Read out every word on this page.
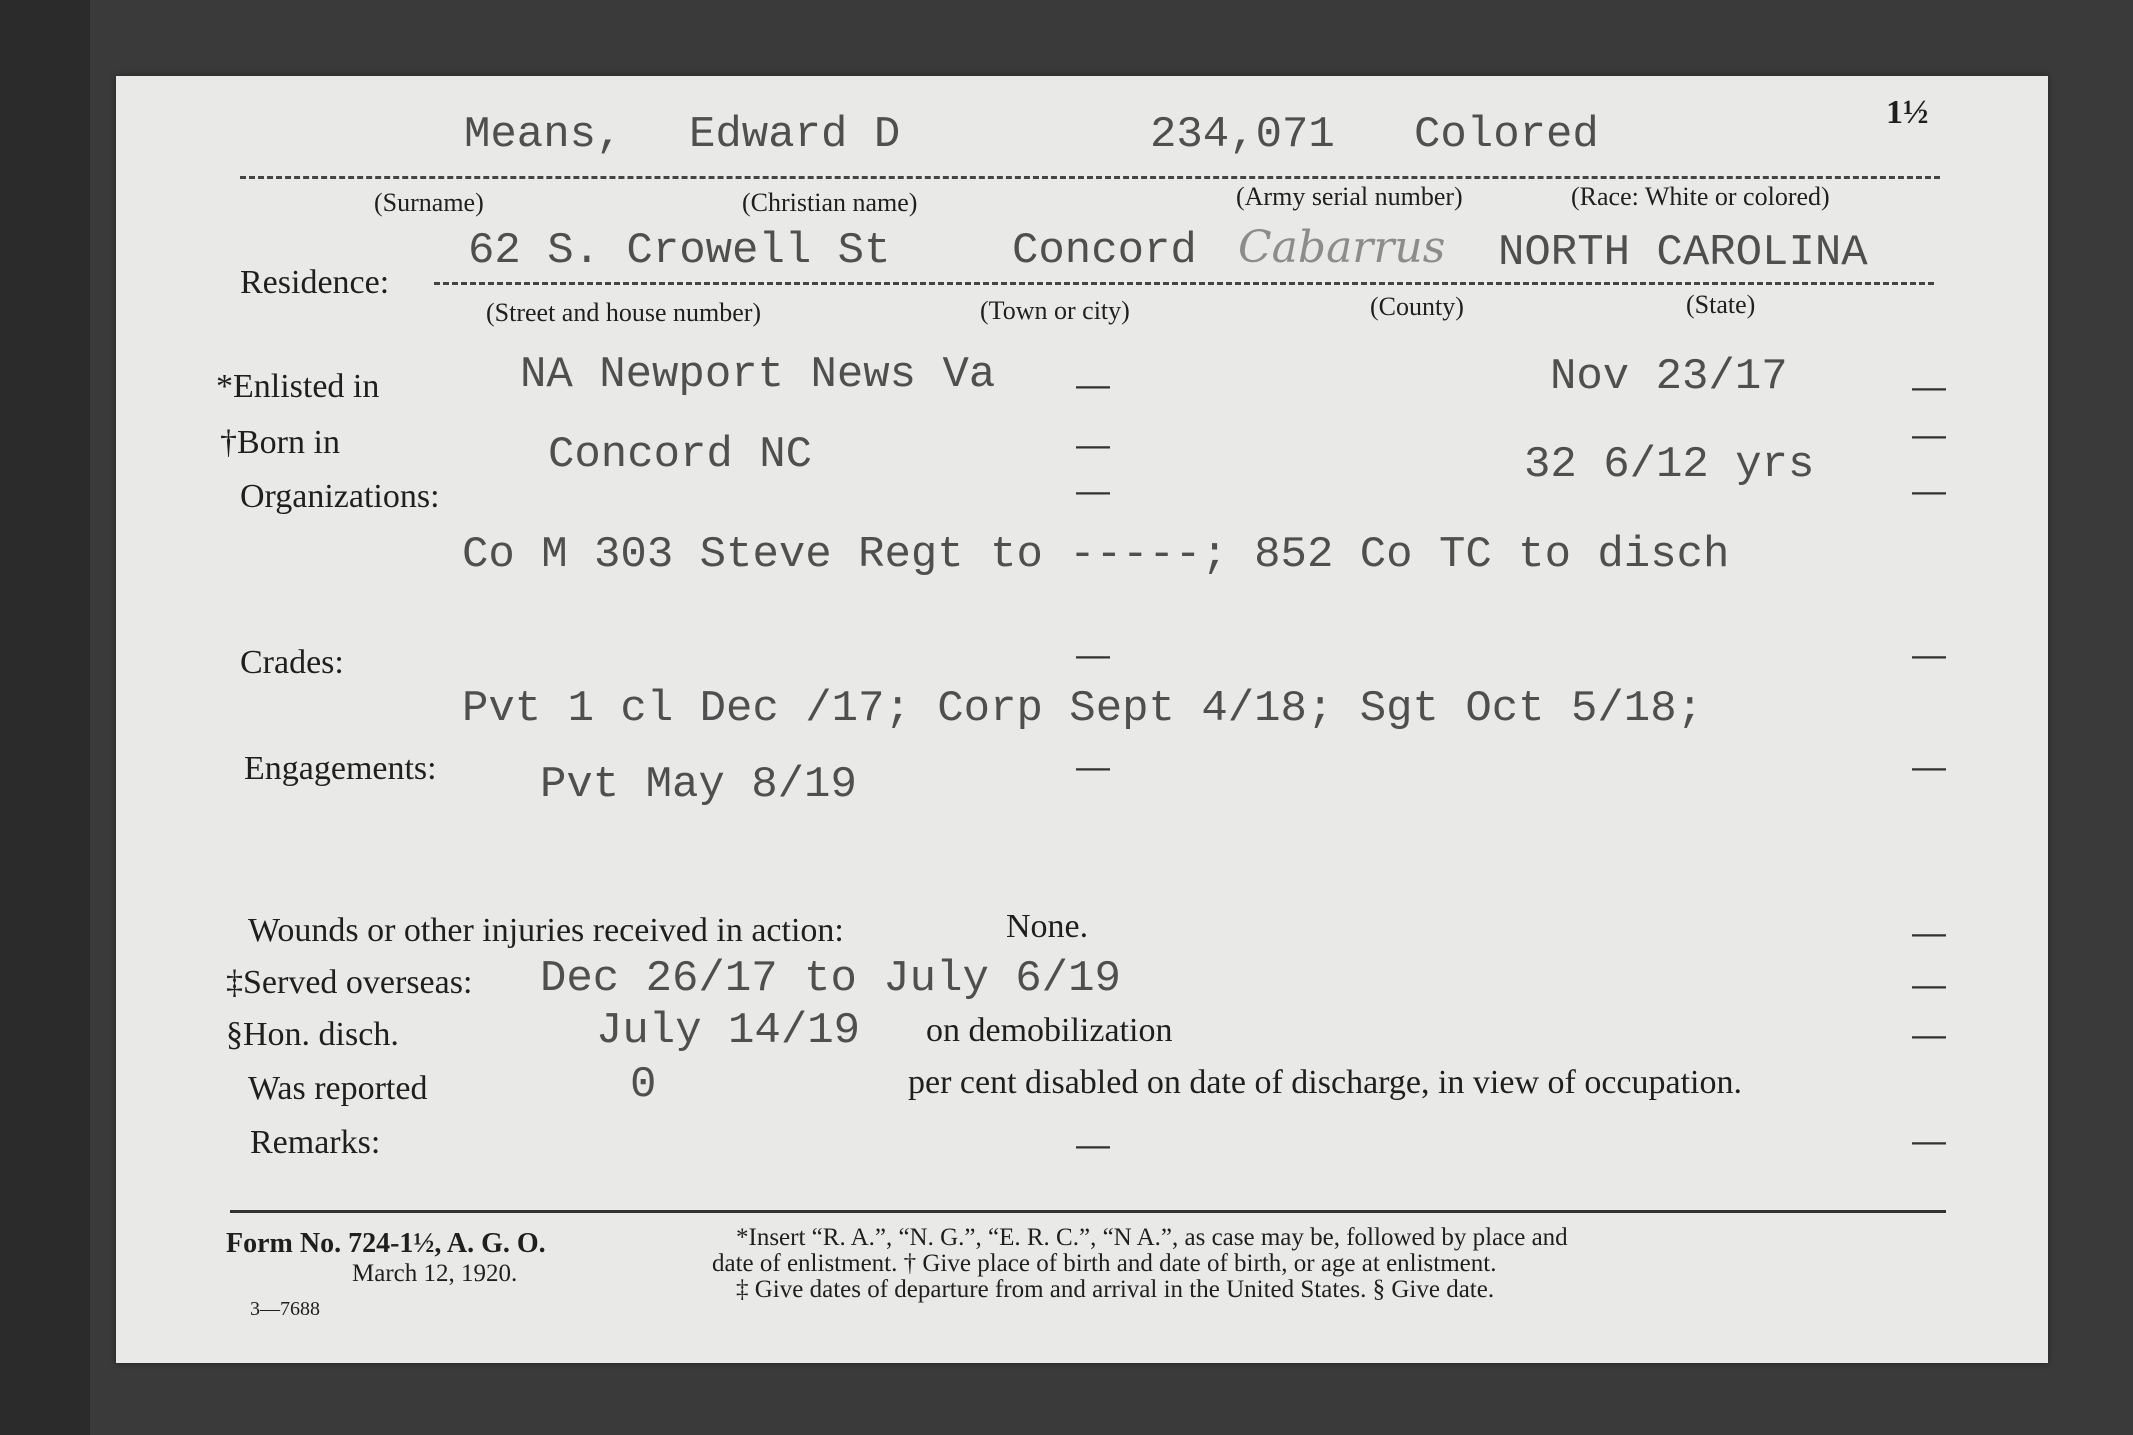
1½
Means, Edward D	234,071 Colored
(Surname)	(Christian name)	(Army serial number)	(Race: White or colored)
Residence:
62 S. Crowell St	Concord Cabarrus NORTH CAROLINA
(Street and house number)	(Town or city)	(County)	(State)
*Enlisted in	NA Newport News Va —	Nov 23/17	—
†Born in	Concord NC	—	32 6/12 yrs
—
Organizations:	—	—
Co M 303 Steve Regt to -----; 852 Co TC to disch
Crades:	—	—
Pvt 1 cl Dec /17; Corp Sept 4/18; Sgt Oct 5/18;
Engagements: Pvt May 8/19	—	—
Wounds or other injuries received in action:	None.	—
‡Served overseas: Dec 26/17 to July 6/19	—
§Hon. disch.	July 14/19 on demobilization	—
Was reported	0	per cent disabled on date of discharge, in view of occupation.
Remarks:	—	—
Form No. 724-1½, A. G. O.
March 12, 1920.
3—7688
*Insert “R. A.”, “N. G.”, “E. R. C.”, “N A.”, as case may be, followed by place and
date of enlistment. † Give place of birth and date of birth, or age at enlistment.
‡ Give dates of departure from and arrival in the United States. § Give date.
